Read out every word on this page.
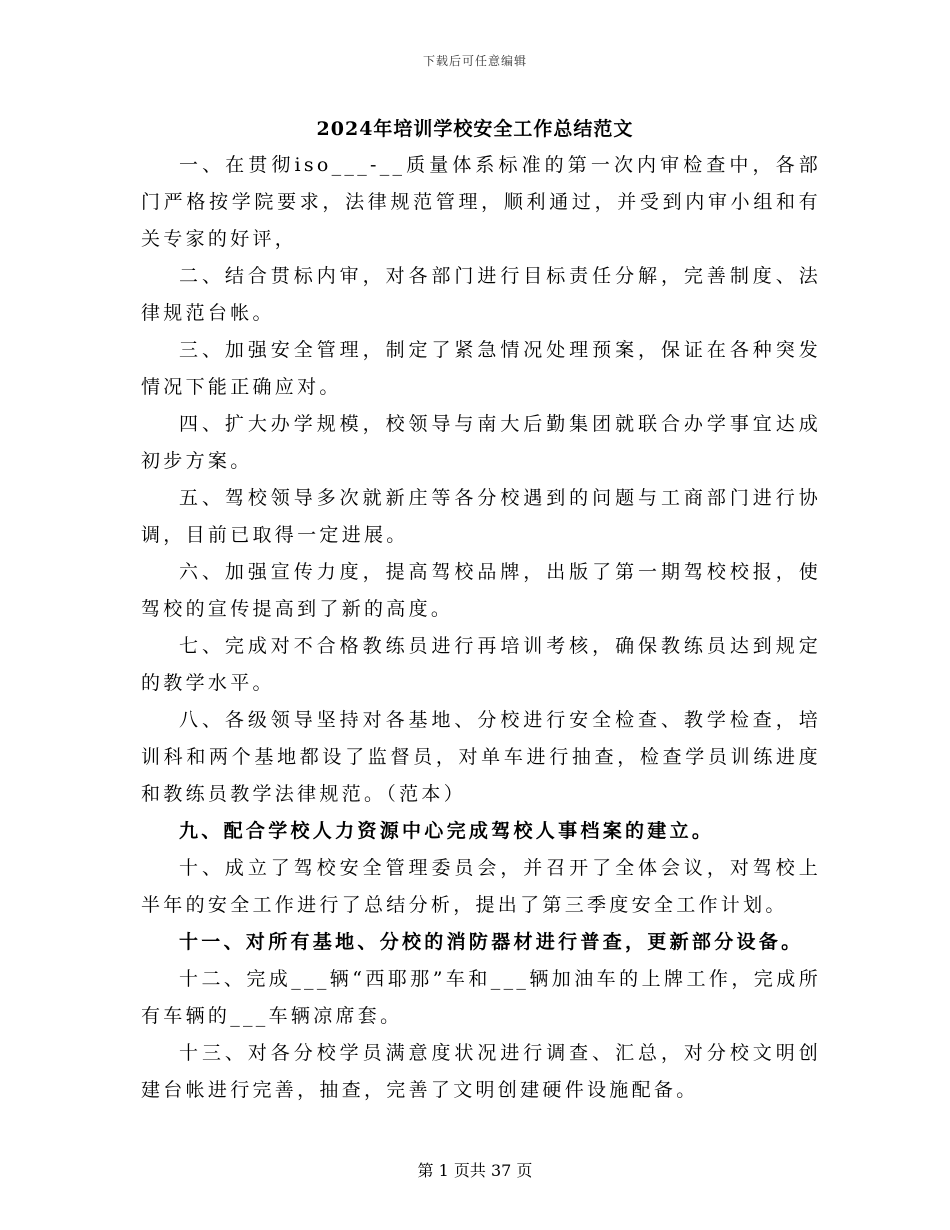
下载后可任意编辑
2024年培训学校安全工作总结范文

一、在贯彻iso___-__质量体系标准的第一次内审检查中，各部门严格按学院要求，法律规范管理，顺利通过，并受到内审小组和有关专家的好评，

二、结合贯标内审，对各部门进行目标责任分解，完善制度、法律规范台帐。

三、加强安全管理，制定了紧急情况处理预案，保证在各种突发情况下能正确应对。

四、扩大办学规模，校领导与南大后勤集团就联合办学事宜达成初步方案。

五、驾校领导多次就新庄等各分校遇到的问题与工商部门进行协调，目前已取得一定进展。

六、加强宣传力度，提高驾校品牌，出版了第一期驾校校报，使驾校的宣传提高到了新的高度。

七、完成对不合格教练员进行再培训考核，确保教练员达到规定的教学水平。

八、各级领导坚持对各基地、分校进行安全检查、教学检查，培训科和两个基地都设了监督员，对单车进行抽查，检查学员训练进度和教练员教学法律规范。（范本）

九、配合学校人力资源中心完成驾校人事档案的建立。

十、成立了驾校安全管理委员会，并召开了全体会议，对驾校上半年的安全工作进行了总结分析，提出了第三季度安全工作计划。

十一、对所有基地、分校的消防器材进行普查，更新部分设备。

十二、完成___辆“西耶那”车和___辆加油车的上牌工作，完成所有车辆的___车辆凉席套。

十三、对各分校学员满意度状况进行调查、汇总，对分校文明创建台帐进行完善，抽查，完善了文明创建硬件设施配备。

第 1 页共 37 页
